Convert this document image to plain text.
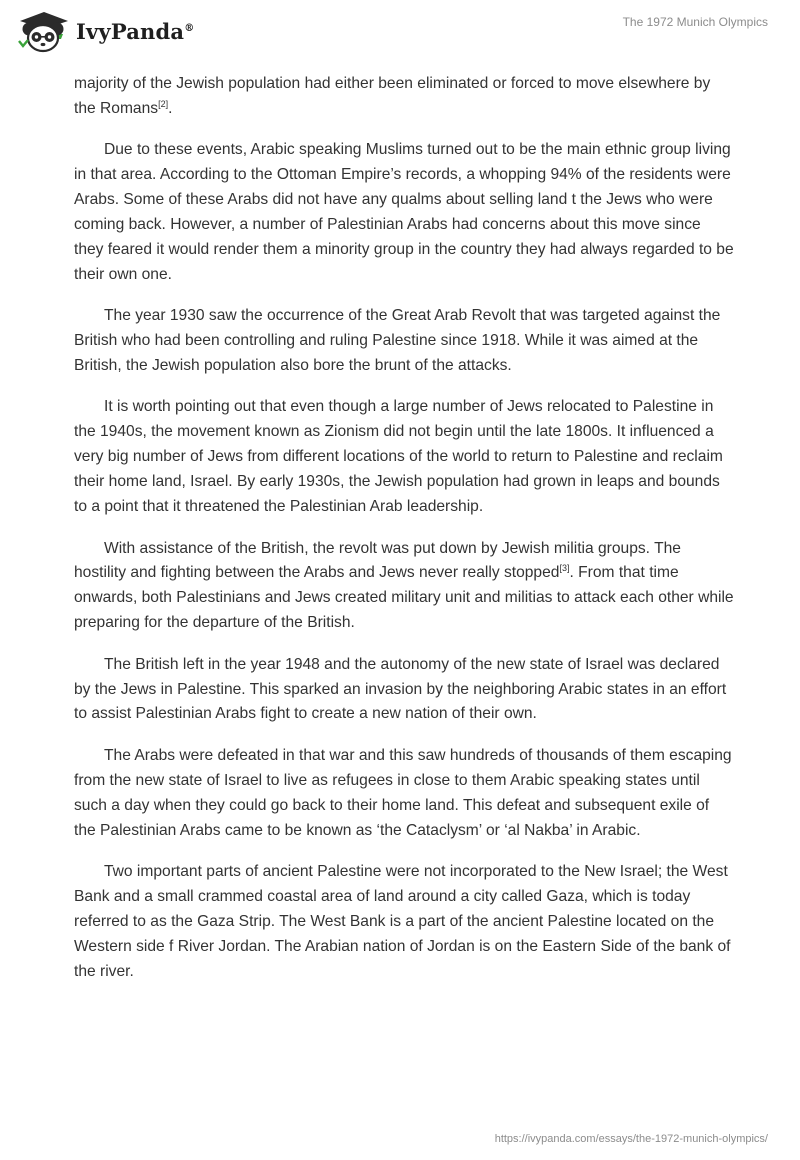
IvyPanda®	The 1972 Munich Olympics

majority of the Jewish population had either been eliminated or forced to move elsewhere by the Romans[2].

Due to these events, Arabic speaking Muslims turned out to be the main ethnic group living in that area. According to the Ottoman Empire’s records, a whopping 94% of the residents were Arabs. Some of these Arabs did not have any qualms about selling land t the Jews who were coming back. However, a number of Palestinian Arabs had concerns about this move since they feared it would render them a minority group in the country they had always regarded to be their own one.

The year 1930 saw the occurrence of the Great Arab Revolt that was targeted against the British who had been controlling and ruling Palestine since 1918. While it was aimed at the British, the Jewish population also bore the brunt of the attacks.

It is worth pointing out that even though a large number of Jews relocated to Palestine in the 1940s, the movement known as Zionism did not begin until the late 1800s. It influenced a very big number of Jews from different locations of the world to return to Palestine and reclaim their home land, Israel. By early 1930s, the Jewish population had grown in leaps and bounds to a point that it threatened the Palestinian Arab leadership.

With assistance of the British, the revolt was put down by Jewish militia groups. The hostility and fighting between the Arabs and Jews never really stopped[3]. From that time onwards, both Palestinians and Jews created military unit and militias to attack each other while preparing for the departure of the British.

The British left in the year 1948 and the autonomy of the new state of Israel was declared by the Jews in Palestine. This sparked an invasion by the neighboring Arabic states in an effort to assist Palestinian Arabs fight to create a new nation of their own.

The Arabs were defeated in that war and this saw hundreds of thousands of them escaping from the new state of Israel to live as refugees in close to them Arabic speaking states until such a day when they could go back to their home land. This defeat and subsequent exile of the Palestinian Arabs came to be known as ‘the Cataclysm’ or ‘al Nakba’ in Arabic.

Two important parts of ancient Palestine were not incorporated to the New Israel; the West Bank and a small crammed coastal area of land around a city called Gaza, which is today referred to as the Gaza Strip. The West Bank is a part of the ancient Palestine located on the Western side f River Jordan. The Arabian nation of Jordan is on the Eastern Side of the bank of the river.

https://ivypanda.com/essays/the-1972-munich-olympics/
